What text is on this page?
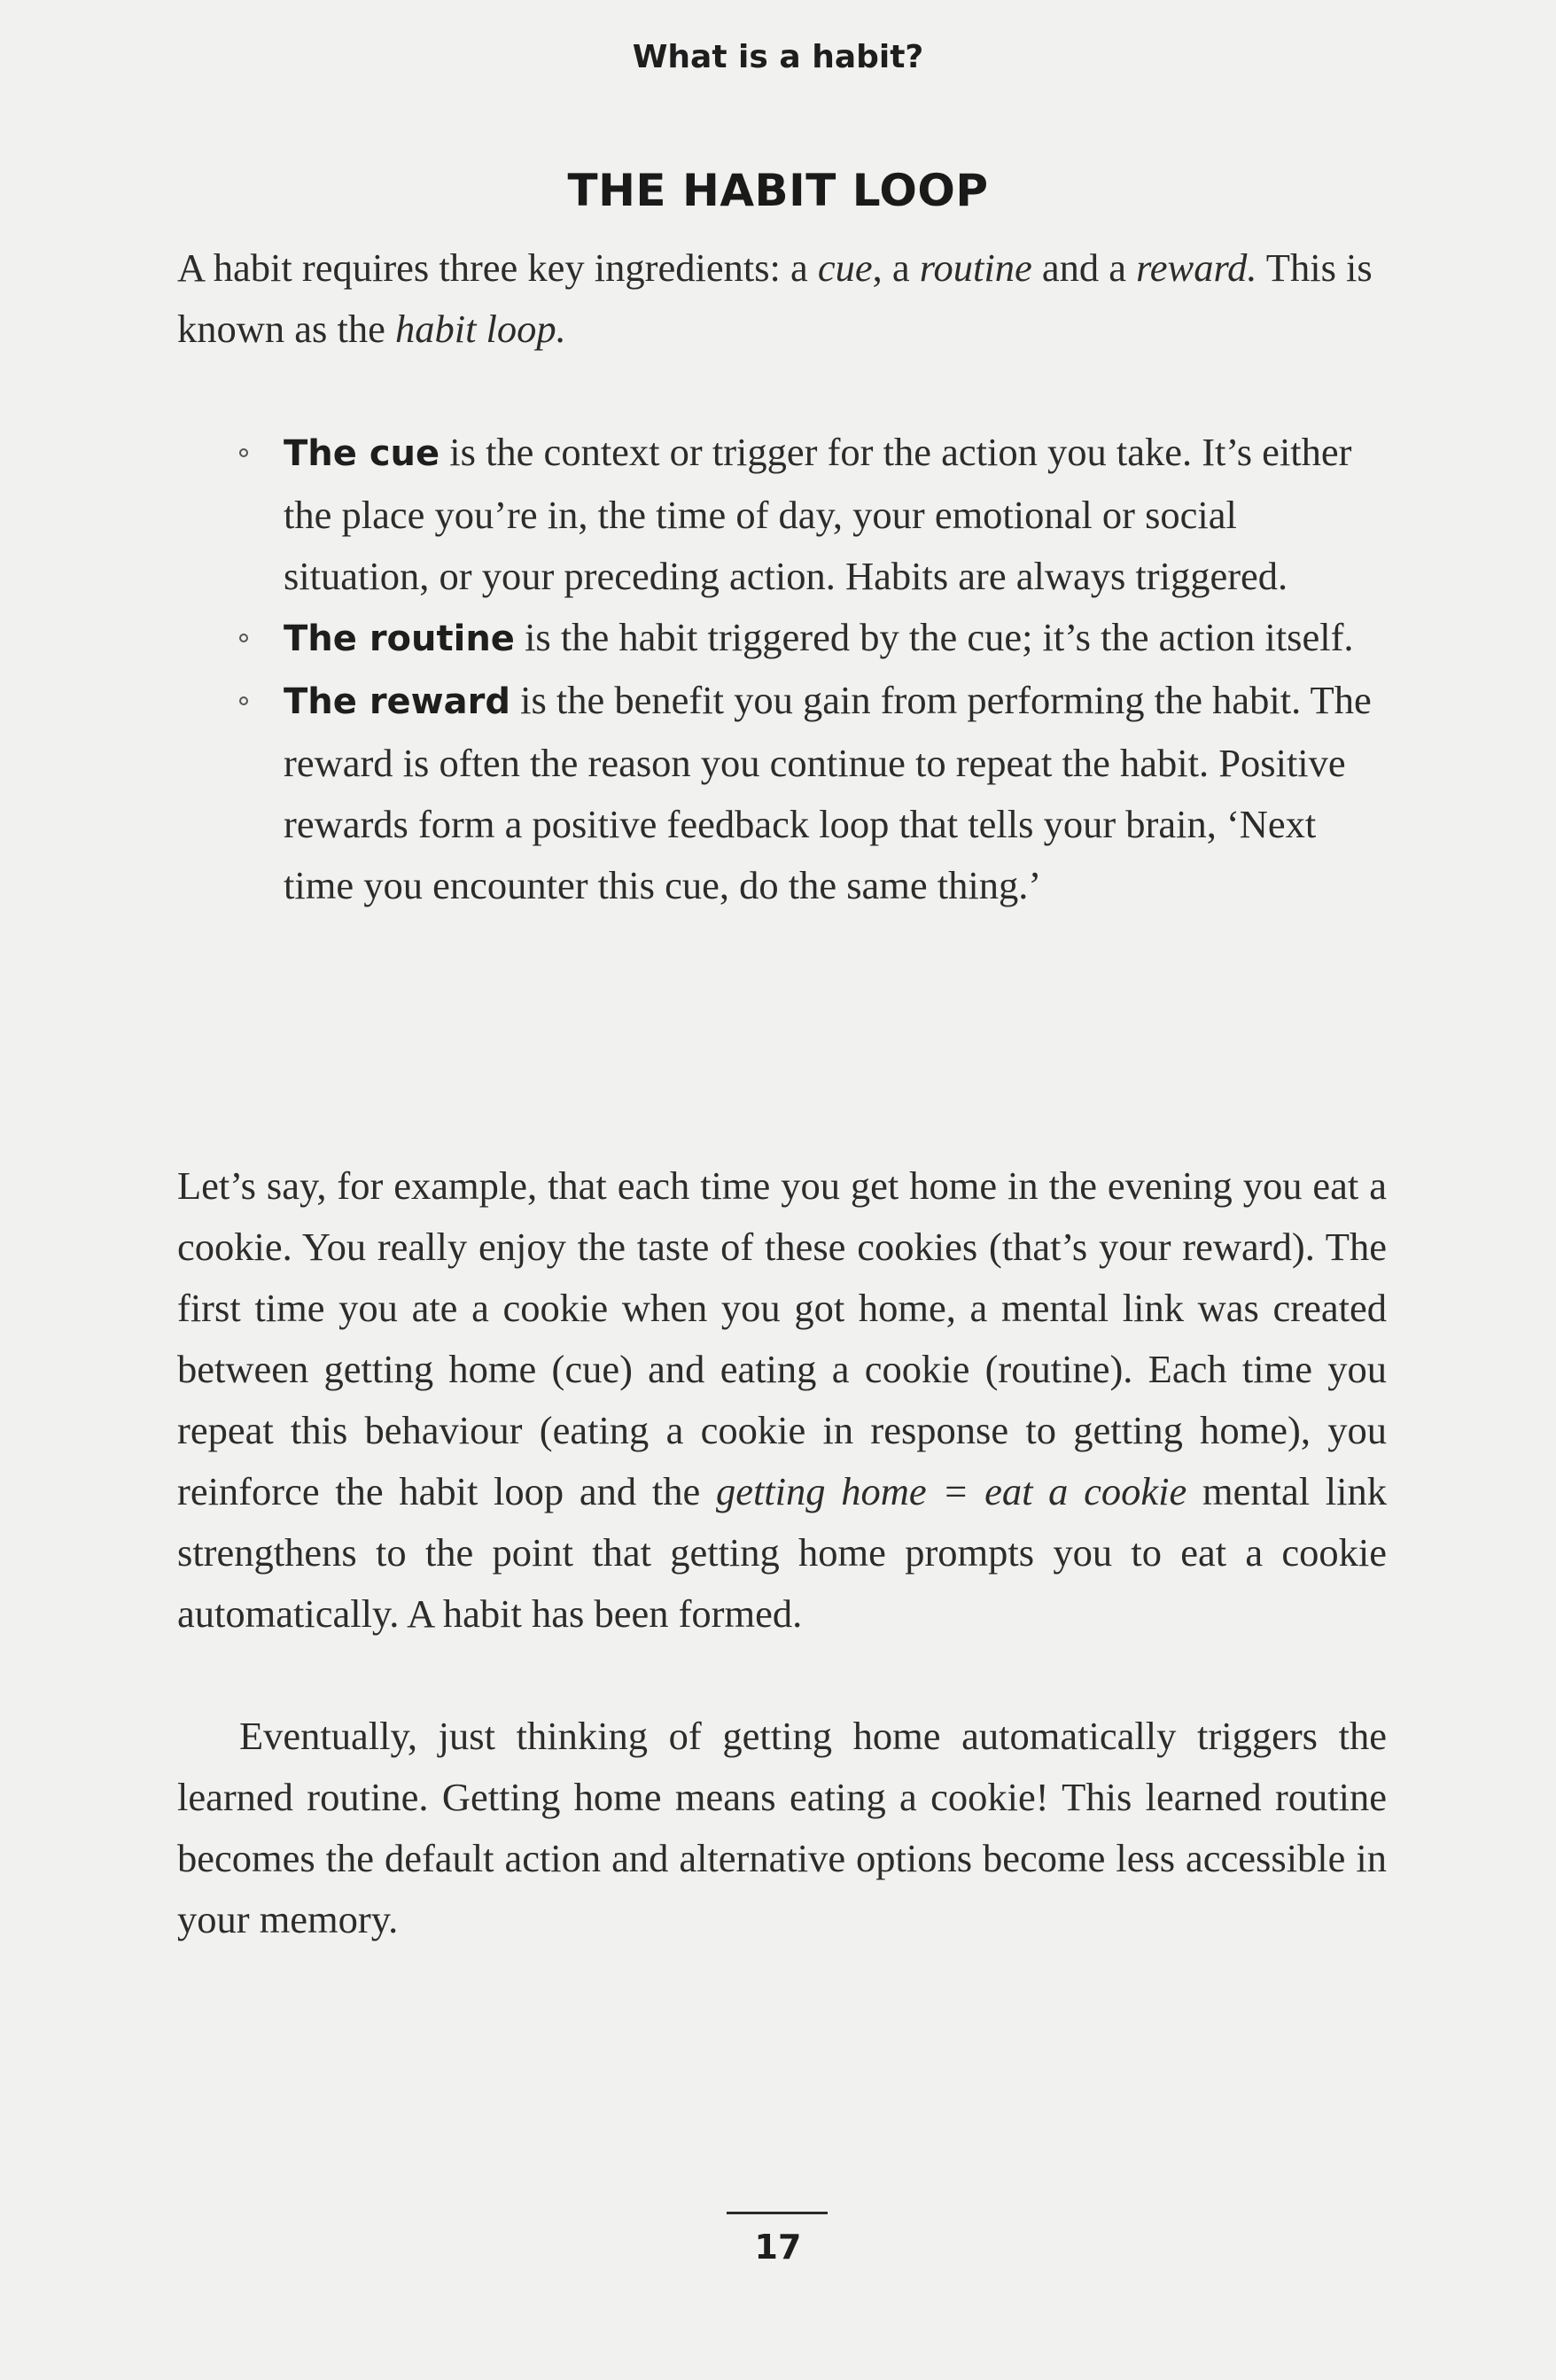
What is a habit?
THE HABIT LOOP

A habit requires three key ingredients: a cue, a routine and a reward. This is known as the habit loop.

The cue is the context or trigger for the action you take. It’s either the place you’re in, the time of day, your emotional or social situation, or your preceding action. Habits are always triggered.
The routine is the habit triggered by the cue; it’s the action itself.
The reward is the benefit you gain from performing the habit. The reward is often the reason you continue to repeat the habit. Positive rewards form a positive feedback loop that tells your brain, ‘Next time you encounter this cue, do the same thing.’

Let’s say, for example, that each time you get home in the evening you eat a cookie. You really enjoy the taste of these cookies (that’s your reward). The first time you ate a cookie when you got home, a mental link was created between getting home (cue) and eating a cookie (routine). Each time you repeat this behaviour (eating a cookie in response to getting home), you reinforce the habit loop and the getting home = eat a cookie mental link strengthens to the point that getting home prompts you to eat a cookie automatically. A habit has been formed.

Eventually, just thinking of getting home automatically triggers the learned routine. Getting home means eating a cookie! This learned routine becomes the default action and alternative options become less accessible in your memory.

17
